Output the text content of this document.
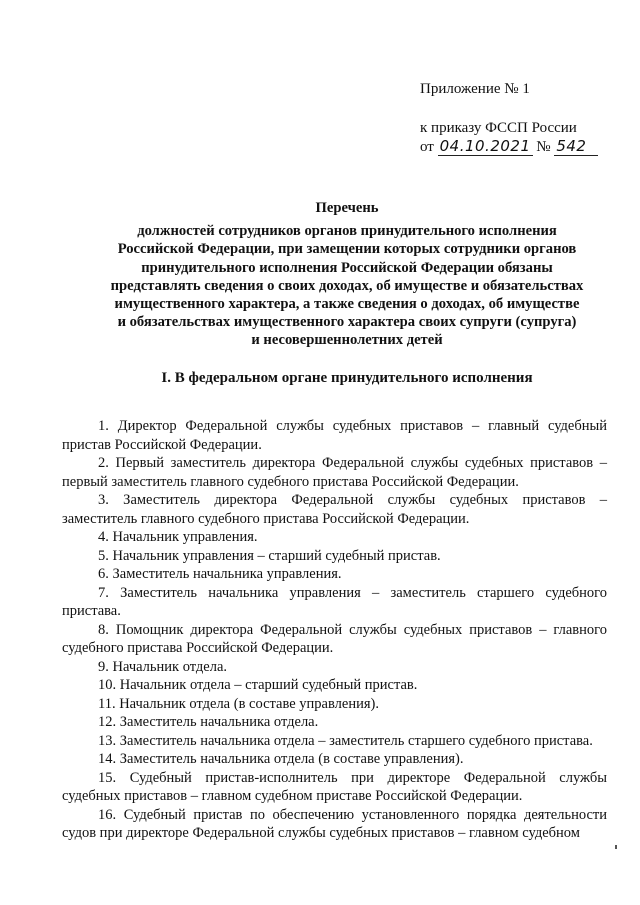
Приложение № 1
к приказу ФССП России
от 04.10.2021 № 542
Перечень
должностей сотрудников органов принудительного исполнения
Российской Федерации, при замещении которых сотрудники органов
принудительного исполнения Российской Федерации обязаны
представлять сведения о своих доходах, об имуществе и обязательствах
имущественного характера, а также сведения о доходах, об имуществе
и обязательствах имущественного характера своих супруги (супруга)
и несовершеннолетних детей
I. В федеральном органе принудительного исполнения

1. Директор Федеральной службы судебных приставов – главный судебный пристав Российской Федерации.

2. Первый заместитель директора Федеральной службы судебных приставов – первый заместитель главного судебного пристава Российской Федерации.

3. Заместитель директора Федеральной службы судебных приставов – заместитель главного судебного пристава Российской Федерации.

4. Начальник управления.

5. Начальник управления – старший судебный пристав.

6. Заместитель начальника управления.

7. Заместитель начальника управления – заместитель старшего судебного пристава.

8. Помощник директора Федеральной службы судебных приставов – главного судебного пристава Российской Федерации.

9. Начальник отдела.

10. Начальник отдела – старший судебный пристав.

11. Начальник отдела (в составе управления).

12. Заместитель начальника отдела.

13. Заместитель начальника отдела – заместитель старшего судебного пристава.

14. Заместитель начальника отдела (в составе управления).

15. Судебный пристав-исполнитель при директоре Федеральной службы судебных приставов – главном судебном приставе Российской Федерации.

16. Судебный пристав по обеспечению установленного порядка деятельности судов при директоре Федеральной службы судебных приставов – главном судебном
